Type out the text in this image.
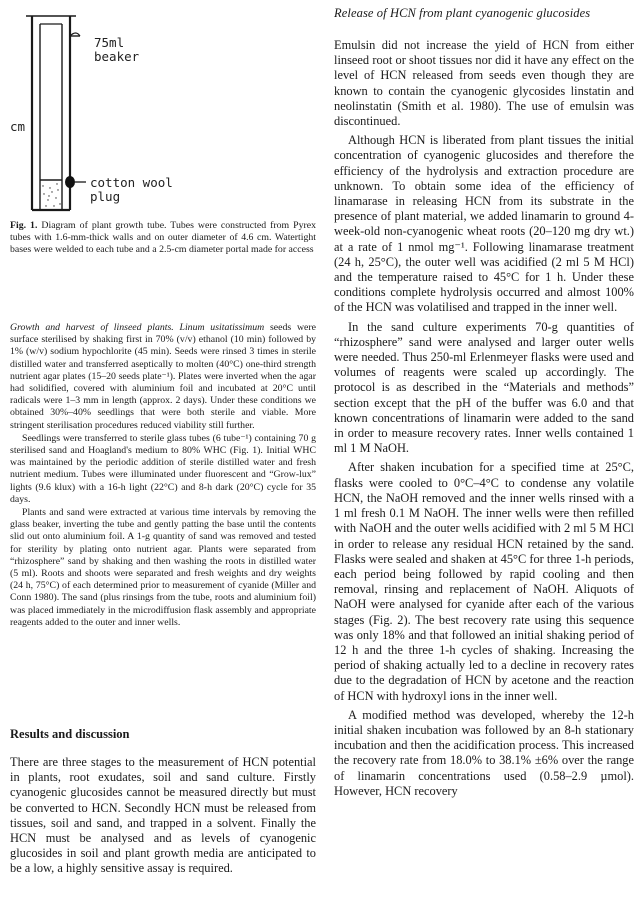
75ml
beaker
cm
cotton wool
plug
Fig. 1. Diagram of plant growth tube. Tubes were constructed from Pyrex tubes with 1.6-mm-thick walls and on outer diameter of 4.6 cm. Watertight bases were welded to each tube and a 2.5-cm diameter portal made for access

Growth and harvest of linseed plants. Linum usitatissimum seeds were surface sterilised by shaking first in 70% (v/v) ethanol (10 min) followed by 1% (w/v) sodium hypochlorite (45 min). Seeds were rinsed 3 times in sterile distilled water and transferred aseptically to molten (40°C) one-third strength nutrient agar plates (15–20 seeds plate⁻¹). Plates were inverted when the agar had solidified, covered with aluminium foil and incubated at 20°C until radicals were 1–3 mm in length (approx. 2 days). Under these conditions we obtained 30%–40% seedlings that were both sterile and viable. More stringent sterilisation procedures reduced viability still further.

Seedlings were transferred to sterile glass tubes (6 tube⁻¹) containing 70 g sterilised sand and Hoagland's medium to 80% WHC (Fig. 1). Initial WHC was maintained by the periodic addition of sterile distilled water and fresh nutrient medium. Tubes were illuminated under fluorescent and “Grow-lux” lights (9.6 klux) with a 16-h light (22°C) and 8-h dark (20°C) cycle for 35 days.

Plants and sand were extracted at various time intervals by removing the glass beaker, inverting the tube and gently patting the base until the contents slid out onto aluminium foil. A 1-g quantity of sand was removed and tested for sterility by plating onto nutrient agar. Plants were separated from “rhizosphere” sand by shaking and then washing the roots in distilled water (5 ml). Roots and shoots were separated and fresh weights and dry weights (24 h, 75°C) of each determined prior to measurement of cyanide (Miller and Conn 1980). The sand (plus rinsings from the tube, roots and aluminium foil) was placed immediately in the microdiffusion flask assembly and appropriate reagents added to the outer and inner wells.

Results and discussion

There are three stages to the measurement of HCN potential in plants, root exudates, soil and sand culture. Firstly cyanogenic glucosides cannot be measured directly but must be converted to HCN. Secondly HCN must be released from tissues, soil and sand, and trapped in a solvent. Finally the HCN must be analysed and as levels of cyanogenic glucosides in soil and plant growth media are anticipated to be a low, a highly sensitive assay is required.

Release of HCN from plant cyanogenic glucosides

Emulsin did not increase the yield of HCN from either linseed root or shoot tissues nor did it have any effect on the level of HCN released from seeds even though they are known to contain the cyanogenic glycosides linstatin and neolinstatin (Smith et al. 1980). The use of emulsin was discontinued.

Although HCN is liberated from plant tissues the initial concentration of cyanogenic glucosides and therefore the efficiency of the hydrolysis and extraction procedure are unknown. To obtain some idea of the efficiency of linamarase in releasing HCN from its substrate in the presence of plant material, we added linamarin to ground 4-week-old non-cyanogenic wheat roots (20–120 mg dry wt.) at a rate of 1 nmol mg⁻¹. Following linamarase treatment (24 h, 25°C), the outer well was acidified (2 ml 5 M HCl) and the temperature raised to 45°C for 1 h. Under these conditions complete hydrolysis occurred and almost 100% of the HCN was volatilised and trapped in the inner well.

In the sand culture experiments 70-g quantities of “rhizosphere” sand were analysed and larger outer wells were needed. Thus 250-ml Erlenmeyer flasks were used and volumes of reagents were scaled up accordingly. The protocol is as described in the “Materials and methods” section except that the pH of the buffer was 6.0 and that known concentrations of linamarin were added to the sand in order to measure recovery rates. Inner wells contained 1 ml 1 M NaOH.

After shaken incubation for a specified time at 25°C, flasks were cooled to 0°C–4°C to condense any volatile HCN, the NaOH removed and the inner wells rinsed with a 1 ml fresh 0.1 M NaOH. The inner wells were then refilled with NaOH and the outer wells acidified with 2 ml 5 M HCl in order to release any residual HCN retained by the sand. Flasks were sealed and shaken at 45°C for three 1-h periods, each period being followed by rapid cooling and then removal, rinsing and replacement of NaOH. Aliquots of NaOH were analysed for cyanide after each of the various stages (Fig. 2). The best recovery rate using this sequence was only 18% and that followed an initial shaking period of 12 h and the three 1-h cycles of shaking. Increasing the period of shaking actually led to a decline in recovery rates due to the degradation of HCN by acetone and the reaction of HCN with hydroxyl ions in the inner well.

A modified method was developed, whereby the 12-h initial shaken incubation was followed by an 8-h stationary incubation and then the acidification process. This increased the recovery rate from 18.0% to 38.1% ±6% over the range of linamarin concentrations used (0.58–2.9 µmol). However, HCN recovery
